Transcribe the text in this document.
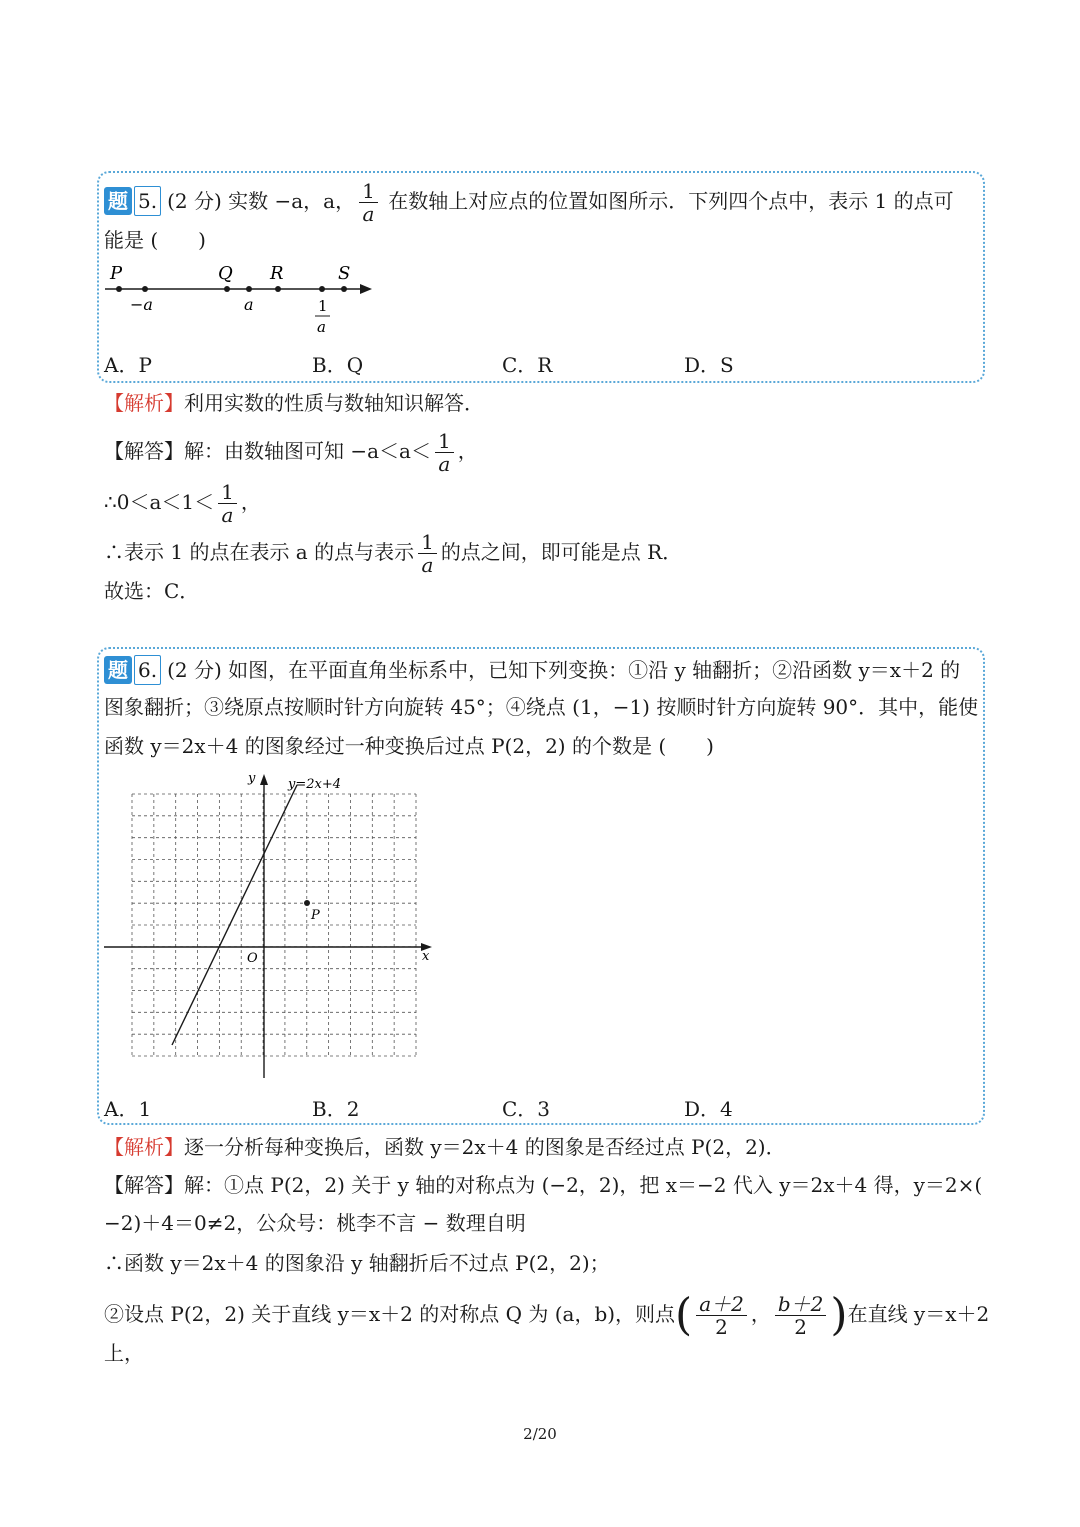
题 5. (2 分) 实数 −a，a， $\frac{1}{a}$ 在数轴上对应点的位置如图所示．下列四个点中，表示 1 的点可
能是 (　　)
P	Q R	S
−a	a	1
a
A．P	B．Q	C．R	D．S
【解析】利用实数的性质与数轴知识解答．
【解答】解：由数轴图可知 $-a<a< \frac{1}{a}$ ，
∴0＜a＜1＜ $\frac{1}{a}$ ，
∴表示 1 的点在表示 a 的点与表示 $\frac{1}{a}$ 的点之间，即可能是点 R．
故选：C．
题 6. (2 分) 如图，在平面直角坐标系中，已知下列变换：①沿 y 轴翻折；②沿函数 y＝x＋2 的
图象翻折；③绕原点按顺时针方向旋转 45°；④绕点 (1，−1) 按顺时针方向旋转 90°．其中，能使
函数 y＝2x＋4 的图象经过一种变换后过点 P(2，2) 的个数是 (　　)
P
y=2x+4
y
x
O
A．1	B．2	C．3	D．4
【解析】逐一分析每种变换后，函数 y＝2x＋4 的图象是否经过点 P(2，2)．
【解答】解：①点 P(2，2) 关于 y 轴的对称点为 (−2，2)，把 x＝−2 代入 y＝2x＋4 得，y＝2×(
−2)＋4＝0≠2，公众号：桃李不言 − 数理自明
∴函数 y＝2x＋4 的图象沿 y 轴翻折后不过点 P(2，2)；
②设点 P(2，2) 关于直线 y＝x＋2 的对称点 Q 为 (a，b)，则点( $\frac{a+2}{2}$ ， $\frac{b+2}{2}$ )在直线 y＝x＋2
上，
2/20
